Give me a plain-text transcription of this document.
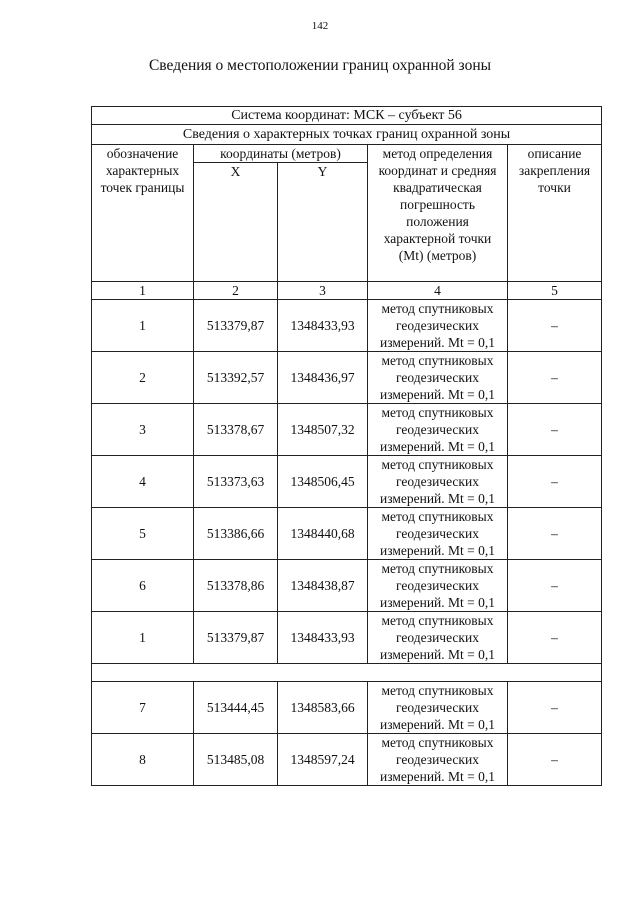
142
Сведения о местоположении границ охранной зоны
Система координат: МСК – субъект 56				
Сведения о характерных точках границ охранной зоны				
обозначение характерных точек границы	координаты (метров)		метод определения координат и средняя квадратическая погрешность положения характерной точки (Mt) (метров)	описание закрепления точки
	X	Y		
1	2	3	4	5
1	513379,87	1348433,93	метод спутниковых геодезических измерений. Mt = 0,1	–
2	513392,57	1348436,97	метод спутниковых геодезических измерений. Mt = 0,1	–
3	513378,67	1348507,32	метод спутниковых геодезических измерений. Mt = 0,1	–
4	513373,63	1348506,45	метод спутниковых геодезических измерений. Mt = 0,1	–
5	513386,66	1348440,68	метод спутниковых геодезических измерений. Mt = 0,1	–
6	513378,86	1348438,87	метод спутниковых геодезических измерений. Mt = 0,1	–
1	513379,87	1348433,93	метод спутниковых геодезических измерений. Mt = 0,1	–

7	513444,45	1348583,66	метод спутниковых геодезических измерений. Mt = 0,1	–
8	513485,08	1348597,24	метод спутниковых геодезических измерений. Mt = 0,1	–
